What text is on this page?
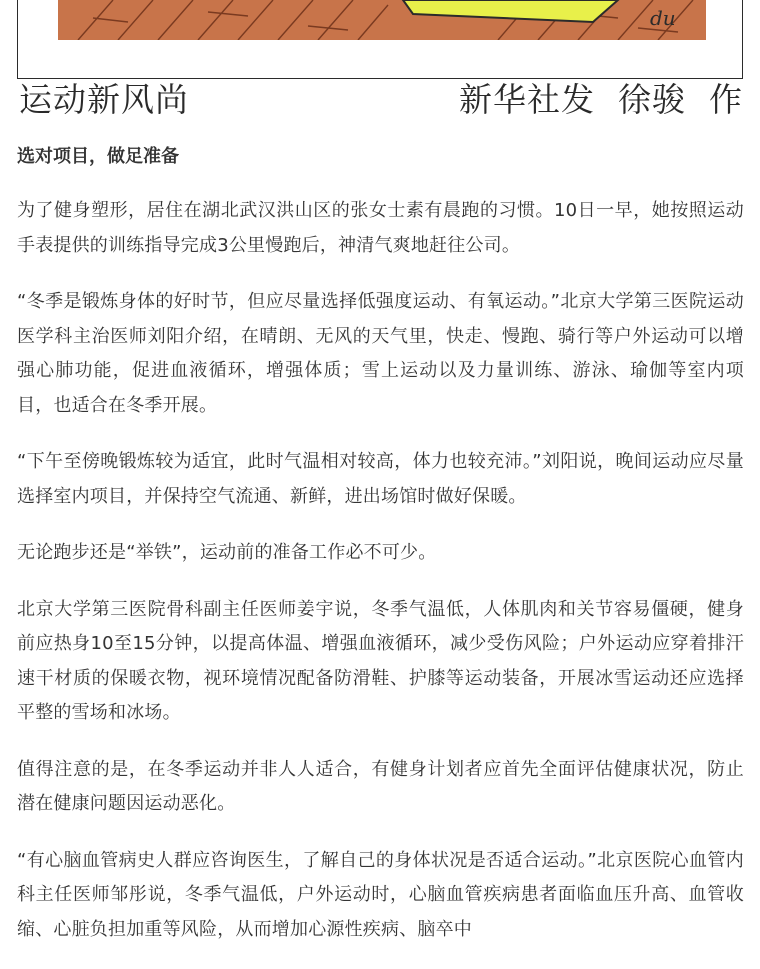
du
运动新风尚	新华社发  徐骏  作
选对项目，做足准备

为了健身塑形，居住在湖北武汉洪山区的张女士素有晨跑的习惯。10日一早，她按照运动手表提供的训练指导完成3公里慢跑后，神清气爽地赶往公司。

“冬季是锻炼身体的好时节，但应尽量选择低强度运动、有氧运动。”北京大学第三医院运动医学科主治医师刘阳介绍，在晴朗、无风的天气里，快走、慢跑、骑行等户外运动可以增强心肺功能，促进血液循环，增强体质；雪上运动以及力量训练、游泳、瑜伽等室内项目，也适合在冬季开展。

“下午至傍晚锻炼较为适宜，此时气温相对较高，体力也较充沛。”刘阳说，晚间运动应尽量选择室内项目，并保持空气流通、新鲜，进出场馆时做好保暖。

无论跑步还是“举铁”，运动前的准备工作必不可少。

北京大学第三医院骨科副主任医师姜宇说，冬季气温低，人体肌肉和关节容易僵硬，健身前应热身10至15分钟，以提高体温、增强血液循环，减少受伤风险；户外运动应穿着排汗速干材质的保暖衣物，视环境情况配备防滑鞋、护膝等运动装备，开展冰雪运动还应选择平整的雪场和冰场。

值得注意的是，在冬季运动并非人人适合，有健身计划者应首先全面评估健康状况，防止潜在健康问题因运动恶化。

“有心脑血管病史人群应咨询医生，了解自己的身体状况是否适合运动。”北京医院心血管内科主任医师邹彤说，冬季气温低，户外运动时，心脑血管疾病患者面临血压升高、血管收缩、心脏负担加重等风险，从而增加心源性疾病、脑卒中
